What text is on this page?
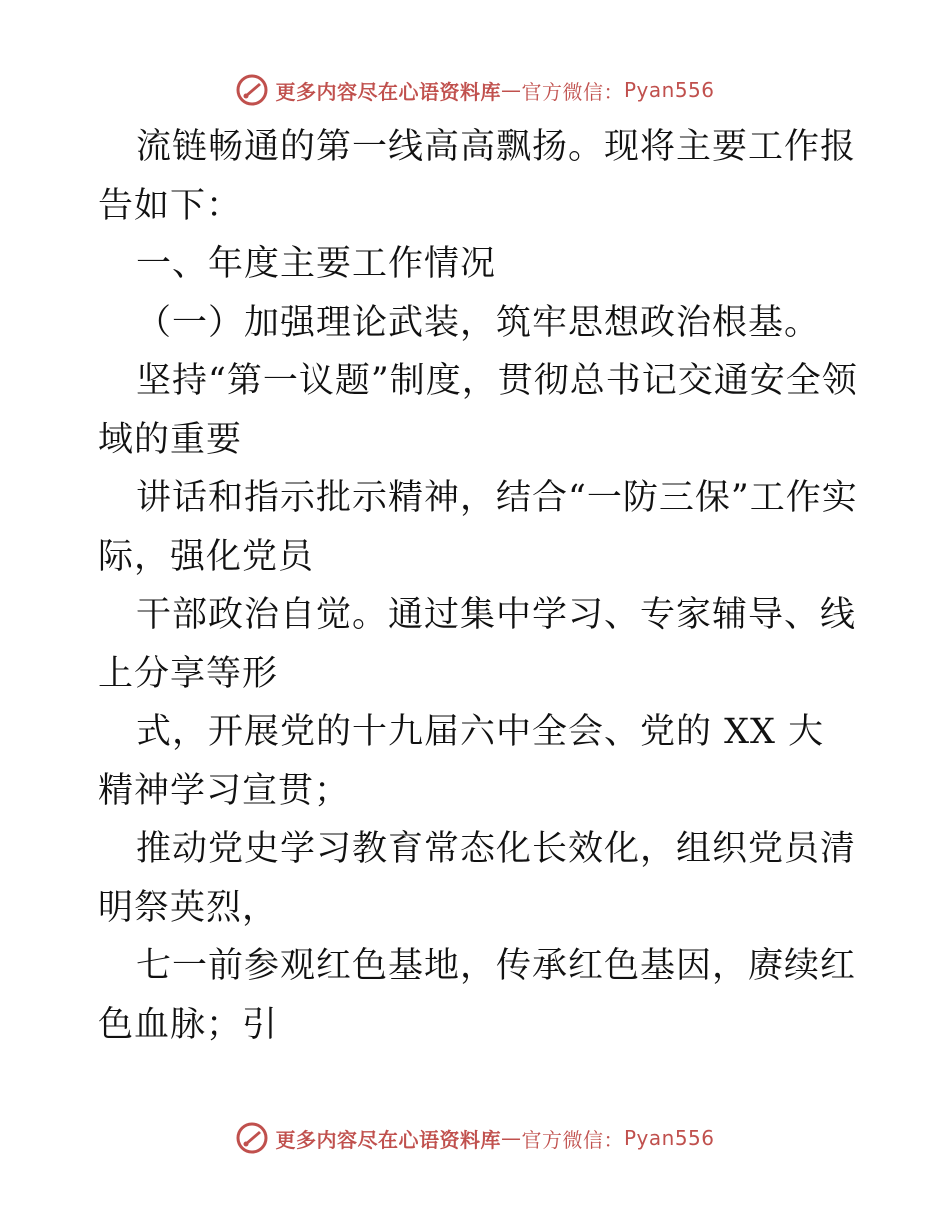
更多内容尽在心语资料库 — 官方微信： Pyan556

流链畅通的第一线高高飘扬。现将主要工作报告如下：

一、年度主要工作情况

（一）加强理论武装，筑牢思想政治根基。

坚持“第一议题”制度，贯彻总书记交通安全领域的重要

讲话和指示批示精神，结合“一防三保”工作实际，强化党员

干部政治自觉。通过集中学习、专家辅导、线上分享等形

式，开展党的十九届六中全会、党的 XX 大精神学习宣贯；

推动党史学习教育常态化长效化，组织党员清明祭英烈，

七一前参观红色基地，传承红色基因，赓续红色血脉；引

更多内容尽在心语资料库 — 官方微信： Pyan556
